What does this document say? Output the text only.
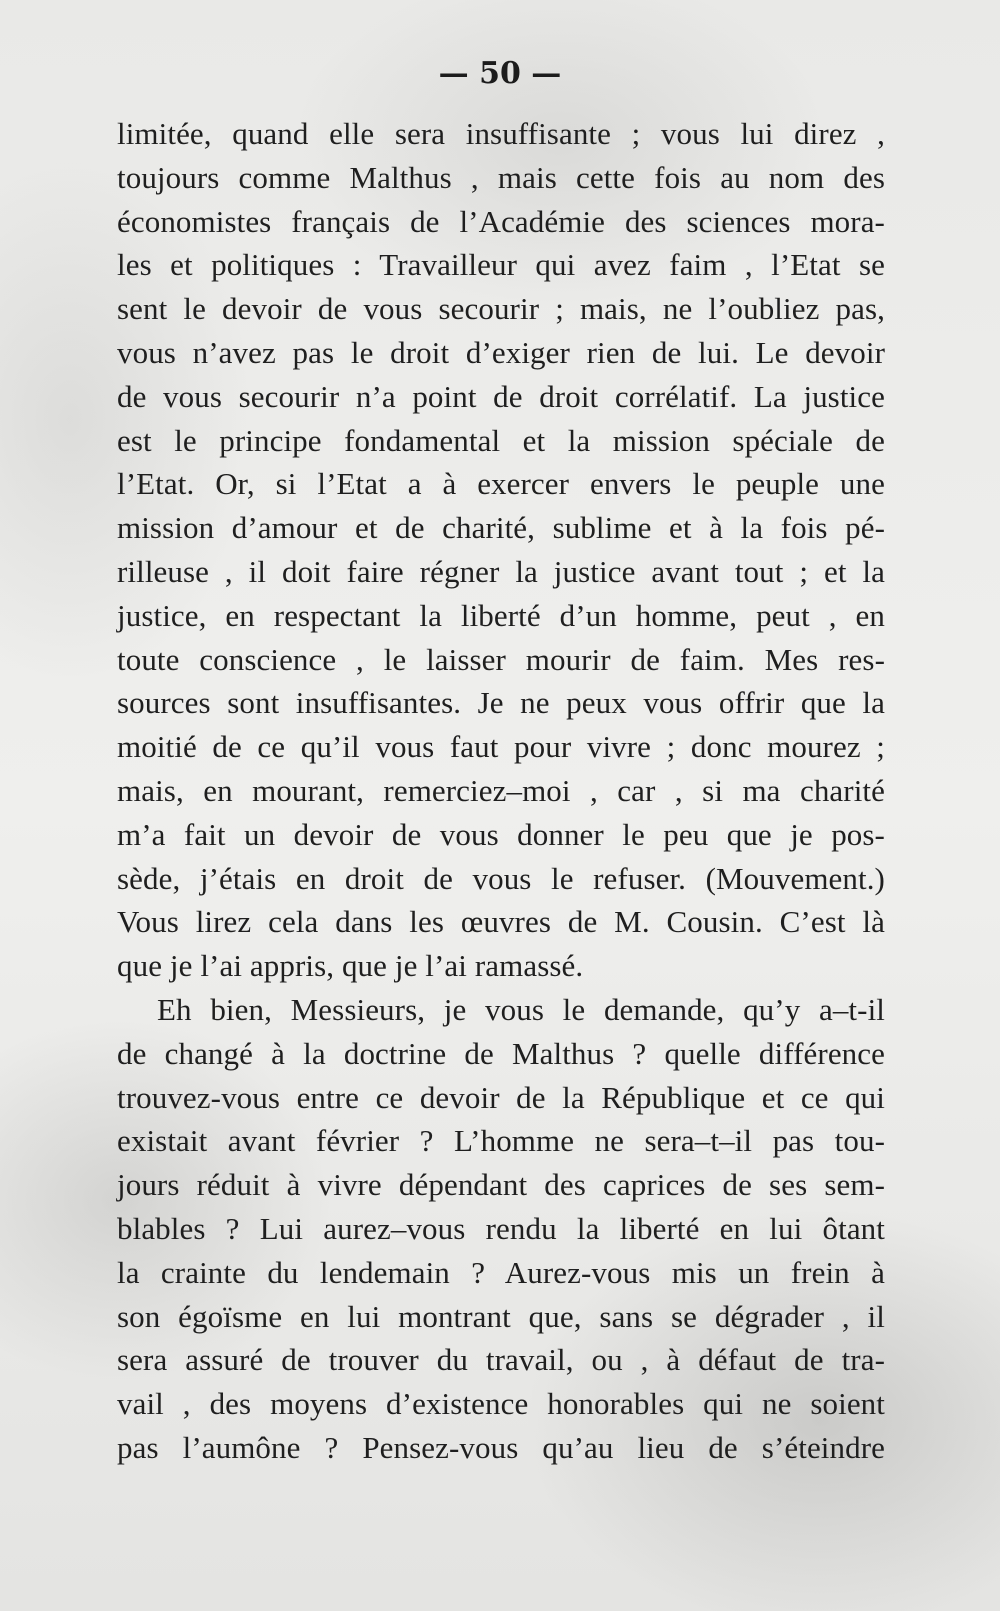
— 50 —
limitée, quand elle sera insuffisante ; vous lui direz ,
toujours comme Malthus , mais cette fois au nom des
économistes français de l’Académie des sciences mora-
les et politiques : Travailleur qui avez faim , l’Etat se
sent le devoir de vous secourir ; mais, ne l’oubliez pas,
vous n’avez pas le droit d’exiger rien de lui. Le devoir
de vous secourir n’a point de droit corrélatif. La justice
est le principe fondamental et la mission spéciale de
l’Etat. Or, si l’Etat a à exercer envers le peuple une
mission d’amour et de charité, sublime et à la fois pé-
rilleuse , il doit faire régner la justice avant tout ; et la
justice, en respectant la liberté d’un homme, peut , en
toute conscience , le laisser mourir de faim. Mes res-
sources sont insuffisantes. Je ne peux vous offrir que la
moitié de ce qu’il vous faut pour vivre ; donc mourez ;
mais, en mourant, remerciez–moi , car , si ma charité
m’a fait un devoir de vous donner le peu que je pos-
sède, j’étais en droit de vous le refuser. (Mouvement.)
Vous lirez cela dans les œuvres de M. Cousin. C’est là
que je l’ai appris, que je l’ai ramassé.
Eh bien, Messieurs, je vous le demande, qu’y a–t-il
de changé à la doctrine de Malthus ? quelle différence
trouvez-vous entre ce devoir de la République et ce qui
existait avant février ? L’homme ne sera–t–il pas tou-
jours réduit à vivre dépendant des caprices de ses sem-
blables ? Lui aurez–vous rendu la liberté en lui ôtant
la crainte du lendemain ? Aurez-vous mis un frein à
son égoïsme en lui montrant que, sans se dégrader , il
sera assuré de trouver du travail, ou , à défaut de tra-
vail , des moyens d’existence honorables qui ne soient
pas l’aumône ? Pensez-vous qu’au lieu de s’éteindre
